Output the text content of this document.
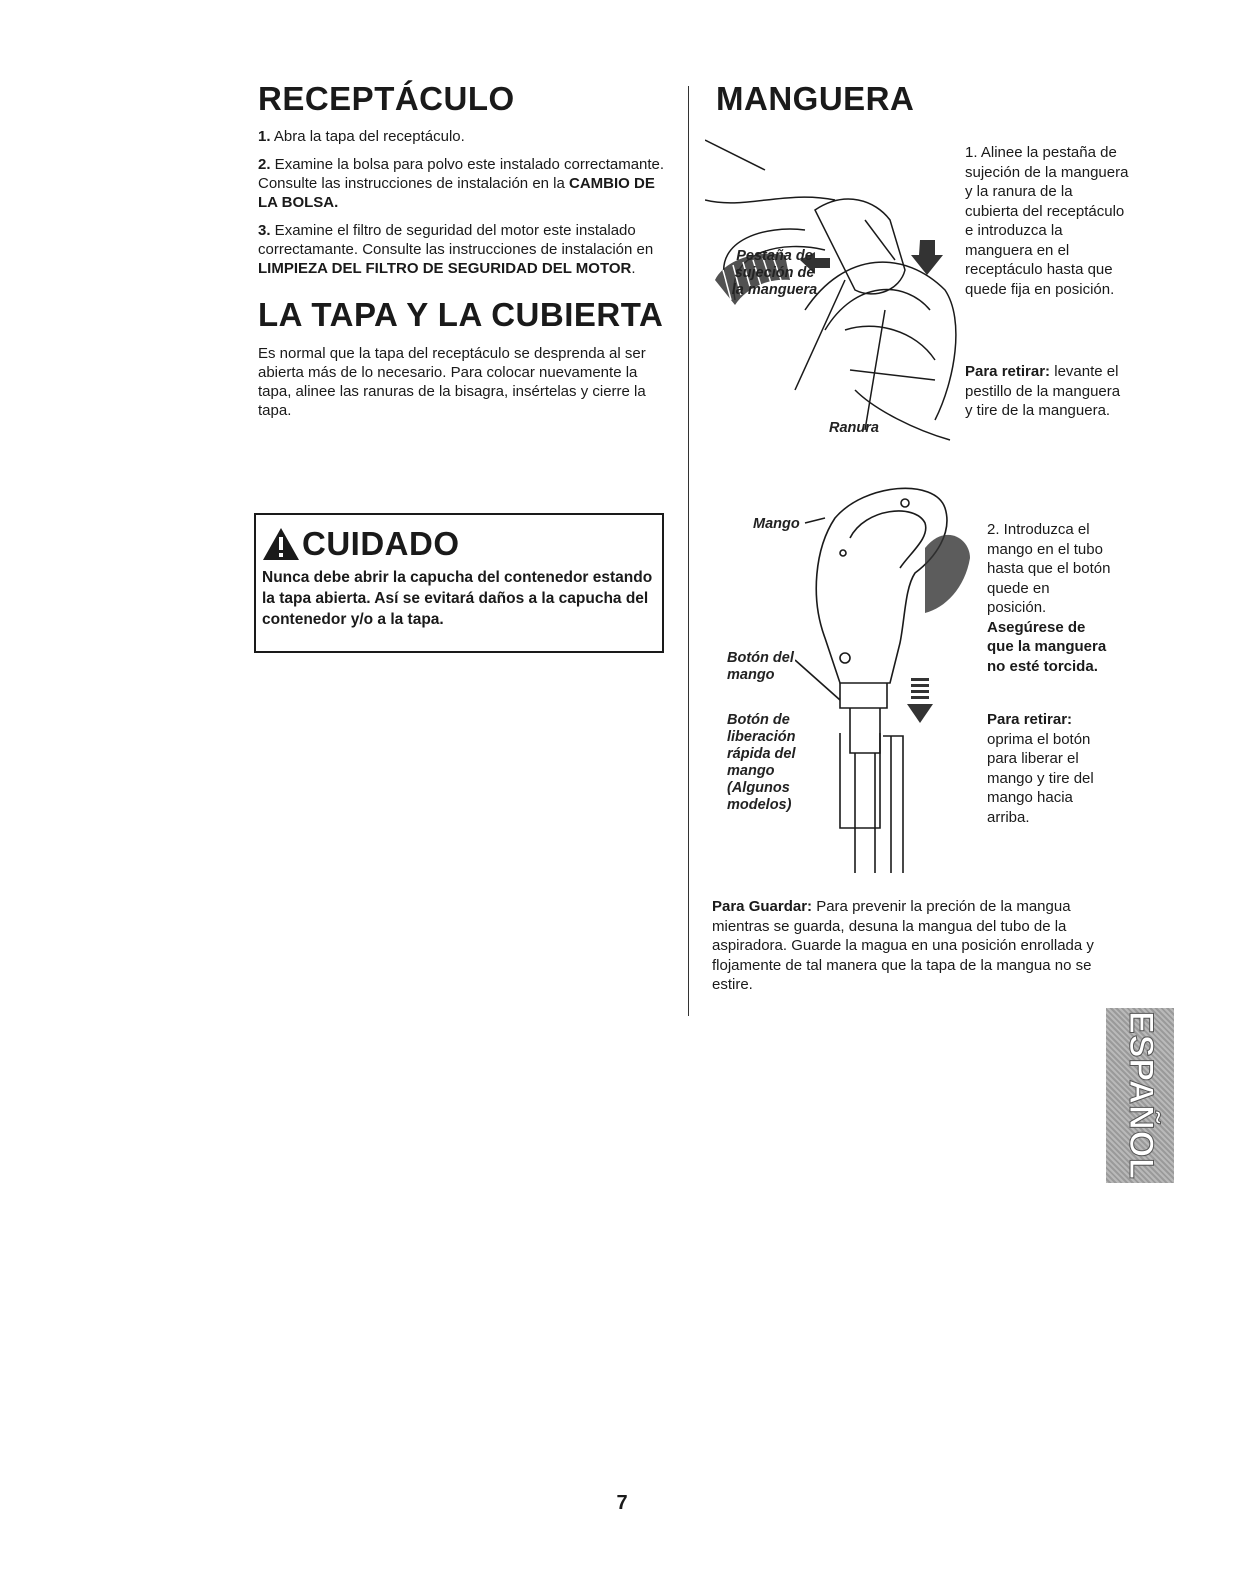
RECEPTÁCULO

1. Abra la tapa del receptáculo.

2. Examine la bolsa para polvo este instalado correctamante. Consulte las instrucciones de instalación en la CAMBIO DE LA BOLSA.

3. Examine el filtro de seguridad del motor este instalado correctamante. Consulte las instrucciones de instalación en LIMPIEZA DEL FILTRO DE SEGURIDAD DEL MOTOR.

LA TAPA Y LA CUBIERTA

Es normal que la tapa del receptáculo se desprenda al ser abierta más de lo necesario. Para colocar nuevamente la tapa, alinee las ranuras de la bisagra, insértelas y cierre la tapa.

CUIDADO
Nunca debe abrir la capucha del contenedor estando la tapa abierta. Así se evitará daños a la capucha del contenedor y/o a la tapa.
MANGUERA
Pestaña de sujeción de la manguera
Ranura
1. Alinee la pestaña de sujeción de la manguera y la ranura de la cubierta del receptáculo e introduzca la manguera en el receptáculo hasta que quede fija en posición.
Para retirar: levante el pestillo de la manguera y tire de la manguera.
Mango
Botón del mango
Botón de liberación rápida del mango (Algunos modelos)
2. Introduzca el mango en el tubo hasta que el botón quede en posición. Asegúrese de que la manguera no esté torcida.
Para retirar: oprima el botón para liberar el mango y tire del mango hacia arriba.
Para Guardar: Para prevenir la preción de la mangua mientras se guarda, desuna la mangua del tubo de la aspiradora. Guarde la magua en una posición enrollada y flojamente de tal manera que la tapa de la mangua no se estire.
ESPAÑOL
7
